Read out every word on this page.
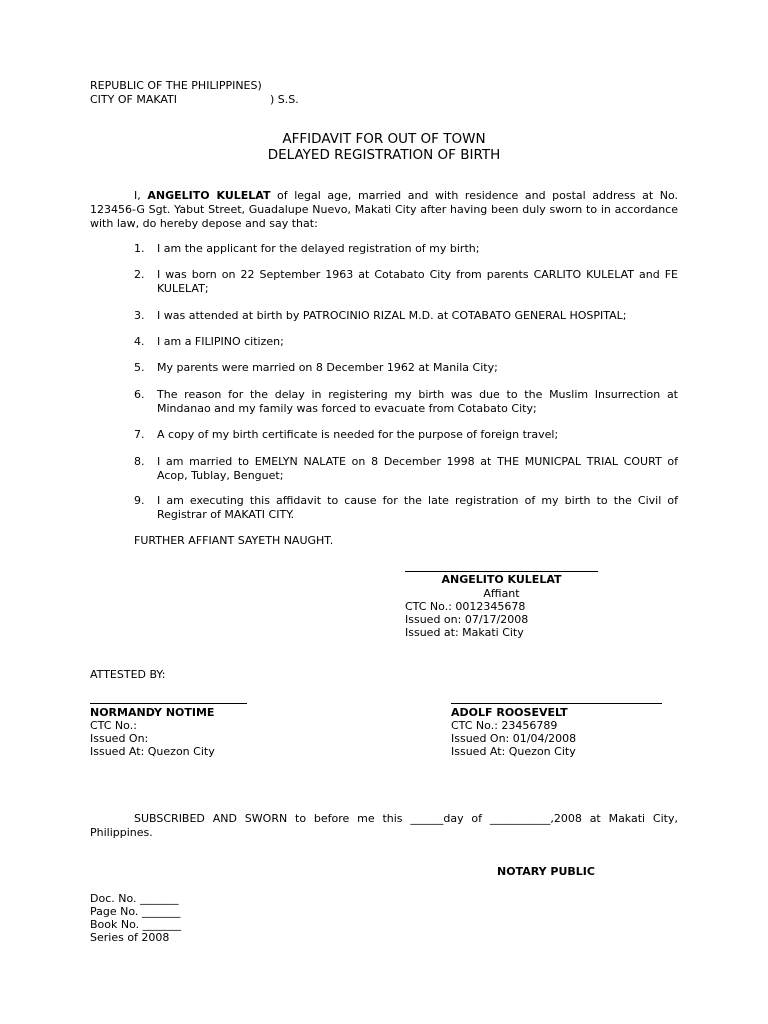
REPUBLIC OF THE PHILIPPINES)
CITY OF MAKATI	) S.S.
AFFIDAVIT FOR OUT OF TOWN
DELAYED REGISTRATION OF BIRTH
I, ANGELITO KULELAT of legal age, married and with residence and postal address at No. 123456-G Sgt. Yabut Street, Guadalupe Nuevo, Makati City after having been duly sworn to in accordance with law, do hereby depose and say that:
1.	I am the applicant for the delayed registration of my birth;
2.	I was born on 22 September 1963 at Cotabato City from parents CARLITO KULELAT and FE KULELAT;
3.	I was attended at birth by PATROCINIO RIZAL M.D. at COTABATO GENERAL HOSPITAL;
4.	I am a FILIPINO citizen;
5.	My parents were married on 8 December 1962 at Manila City;
6.	The reason for the delay in registering my birth was due to the Muslim Insurrection at Mindanao and my family was forced to evacuate from Cotabato City;
7.	A copy of my birth certificate is needed for the purpose of foreign travel;
8.	I am married to EMELYN NALATE on 8 December 1998 at THE MUNICPAL TRIAL COURT of Acop, Tublay, Benguet;
9.	I am executing this affidavit to cause for the late registration of my birth to the Civil of Registrar of MAKATI CITY.
FURTHER AFFIANT SAYETH NAUGHT.
ANGELITO KULELAT
Affiant
CTC No.: 0012345678
Issued on: 07/17/2008
Issued at: Makati City
ATTESTED BY:
NORMANDY NOTIME
CTC No.:
Issued On:
Issued At: Quezon City
ADOLF ROOSEVELT
CTC No.: 23456789
Issued On: 01/04/2008
Issued At: Quezon City
SUBSCRIBED AND SWORN to before me this ______day of ___________,2008 at Makati City, Philippines.
NOTARY PUBLIC
Doc. No. _______
Page No. _______
Book No. _______
Series of 2008
